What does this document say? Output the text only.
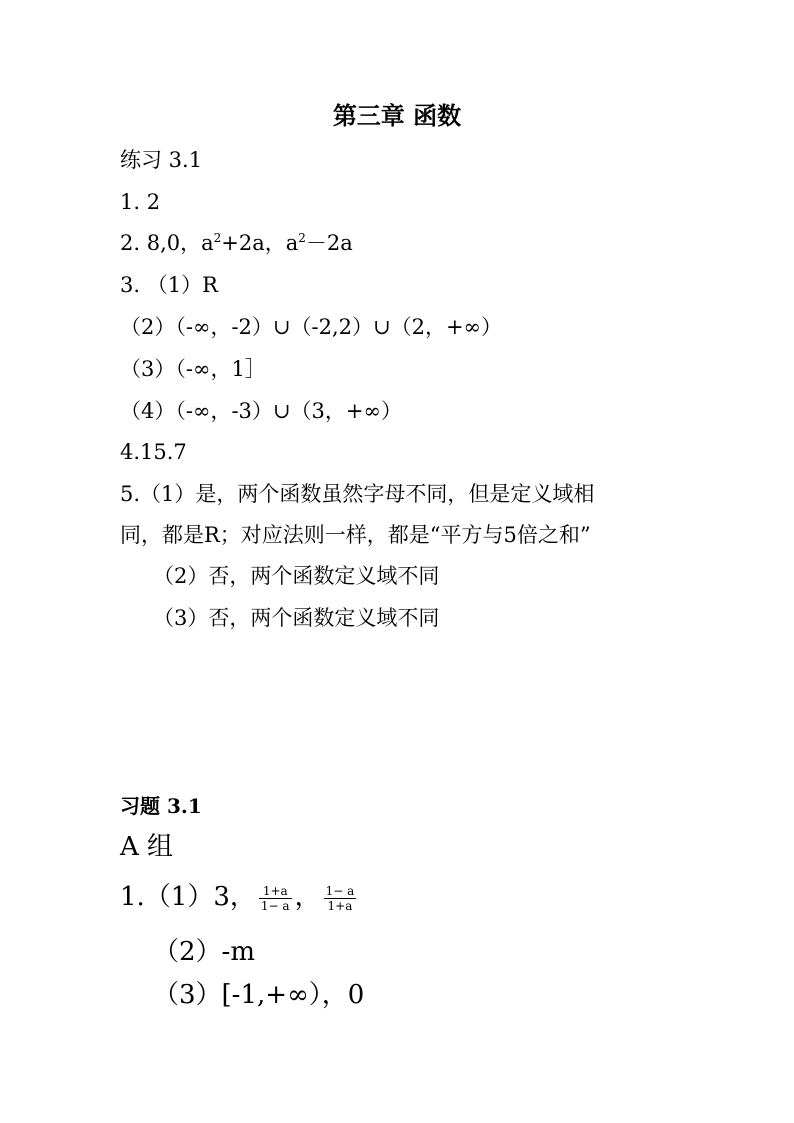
第三章 函数
练习 3.1
1. 2
2. 8,0，$a^2+2a$，$a^2-2a$
3. （1）R
（2）（-∞，-2）∪（-2,2）∪（2，+∞）
（3）（-∞，1］
（4）（-∞，-3）∪（3，+∞）
4.15.7
5.（1）是，两个函数虽然字母不同，但是定义域相
同，都是R；对应法则一样，都是“平方与5倍之和”
（2）否，两个函数定义域不同
（3）否，两个函数定义域不同
习题 3.1
A 组
1.（1）3， $\frac{1+a}{1- a}$ ， $\frac{1- a}{1+a}$
（2）-m
（3）[-1,+∞），0
